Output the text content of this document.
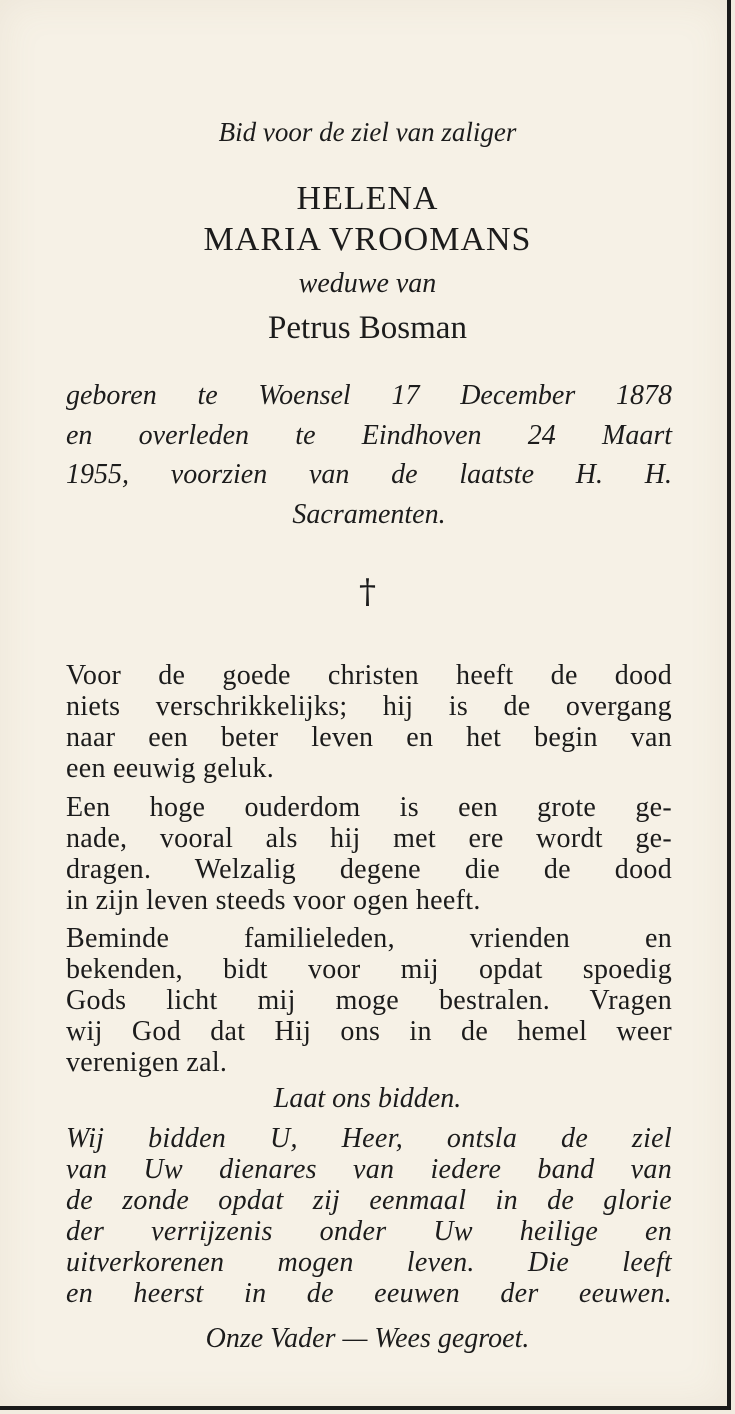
Bid voor de ziel van zaliger
HELENA
MARIA VROOMANS
weduwe van
Petrus Bosman
geboren te Woensel 17 December 1878
en overleden te Eindhoven 24 Maart
1955, voorzien van de laatste H. H.
Sacramenten.
†
Voor de goede christen heeft de dood
niets verschrikkelijks; hij is de overgang
naar een beter leven en het begin van
een eeuwig geluk.
Een hoge ouderdom is een grote ge-
nade, vooral als hij met ere wordt ge-
dragen. Welzalig degene die de dood
in zijn leven steeds voor ogen heeft.
Beminde familieleden, vrienden en
bekenden, bidt voor mij opdat spoedig
Gods licht mij moge bestralen. Vragen
wij God dat Hij ons in de hemel weer
verenigen zal.
Laat ons bidden.
Wij bidden U, Heer, ontsla de ziel
van Uw dienares van iedere band van
de zonde opdat zij eenmaal in de glorie
der verrijzenis onder Uw heilige en
uitverkorenen mogen leven. Die leeft
en heerst in de eeuwen der eeuwen.
Onze Vader — Wees gegroet.
